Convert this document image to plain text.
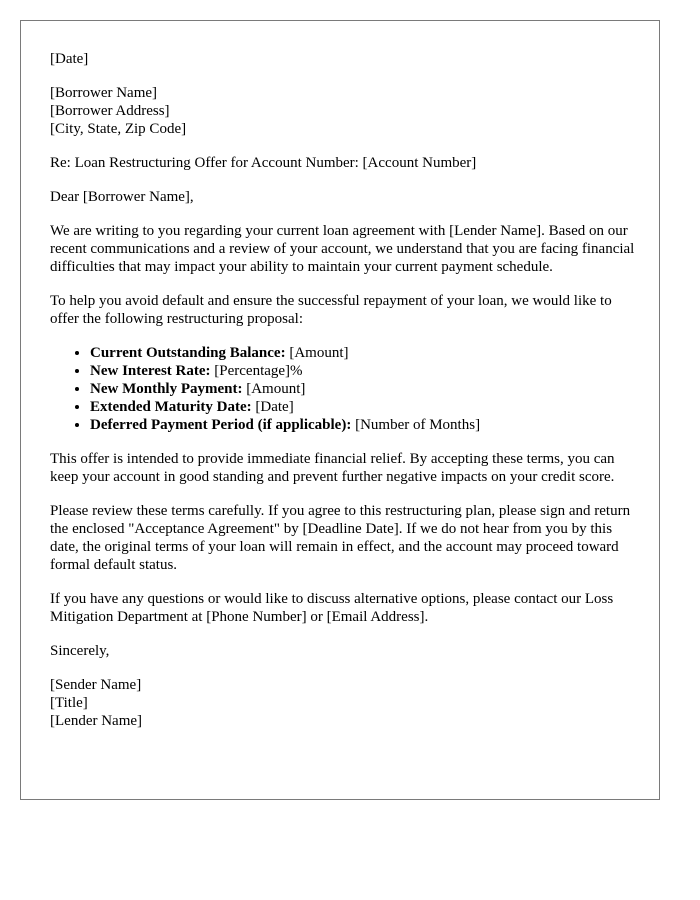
[Date]
[Borrower Name]
[Borrower Address]
[City, State, Zip Code]

Re: Loan Restructuring Offer for Account Number: [Account Number]

Dear [Borrower Name],

We are writing to you regarding your current loan agreement with [Lender Name]. Based on our recent communications and a review of your account, we understand that you are facing financial difficulties that may impact your ability to maintain your current payment schedule.

To help you avoid default and ensure the successful repayment of your loan, we would like to offer the following restructuring proposal:

• Current Outstanding Balance: [Amount]
• New Interest Rate: [Percentage]%
• New Monthly Payment: [Amount]
• Extended Maturity Date: [Date]
• Deferred Payment Period (if applicable): [Number of Months]

This offer is intended to provide immediate financial relief. By accepting these terms, you can keep your account in good standing and prevent further negative impacts on your credit score.

Please review these terms carefully. If you agree to this restructuring plan, please sign and return the enclosed "Acceptance Agreement" by [Deadline Date]. If we do not hear from you by this date, the original terms of your loan will remain in effect, and the account may proceed toward formal default status.

If you have any questions or would like to discuss alternative options, please contact our Loss Mitigation Department at [Phone Number] or [Email Address].

Sincerely,

[Sender Name]
[Title]
[Lender Name]
